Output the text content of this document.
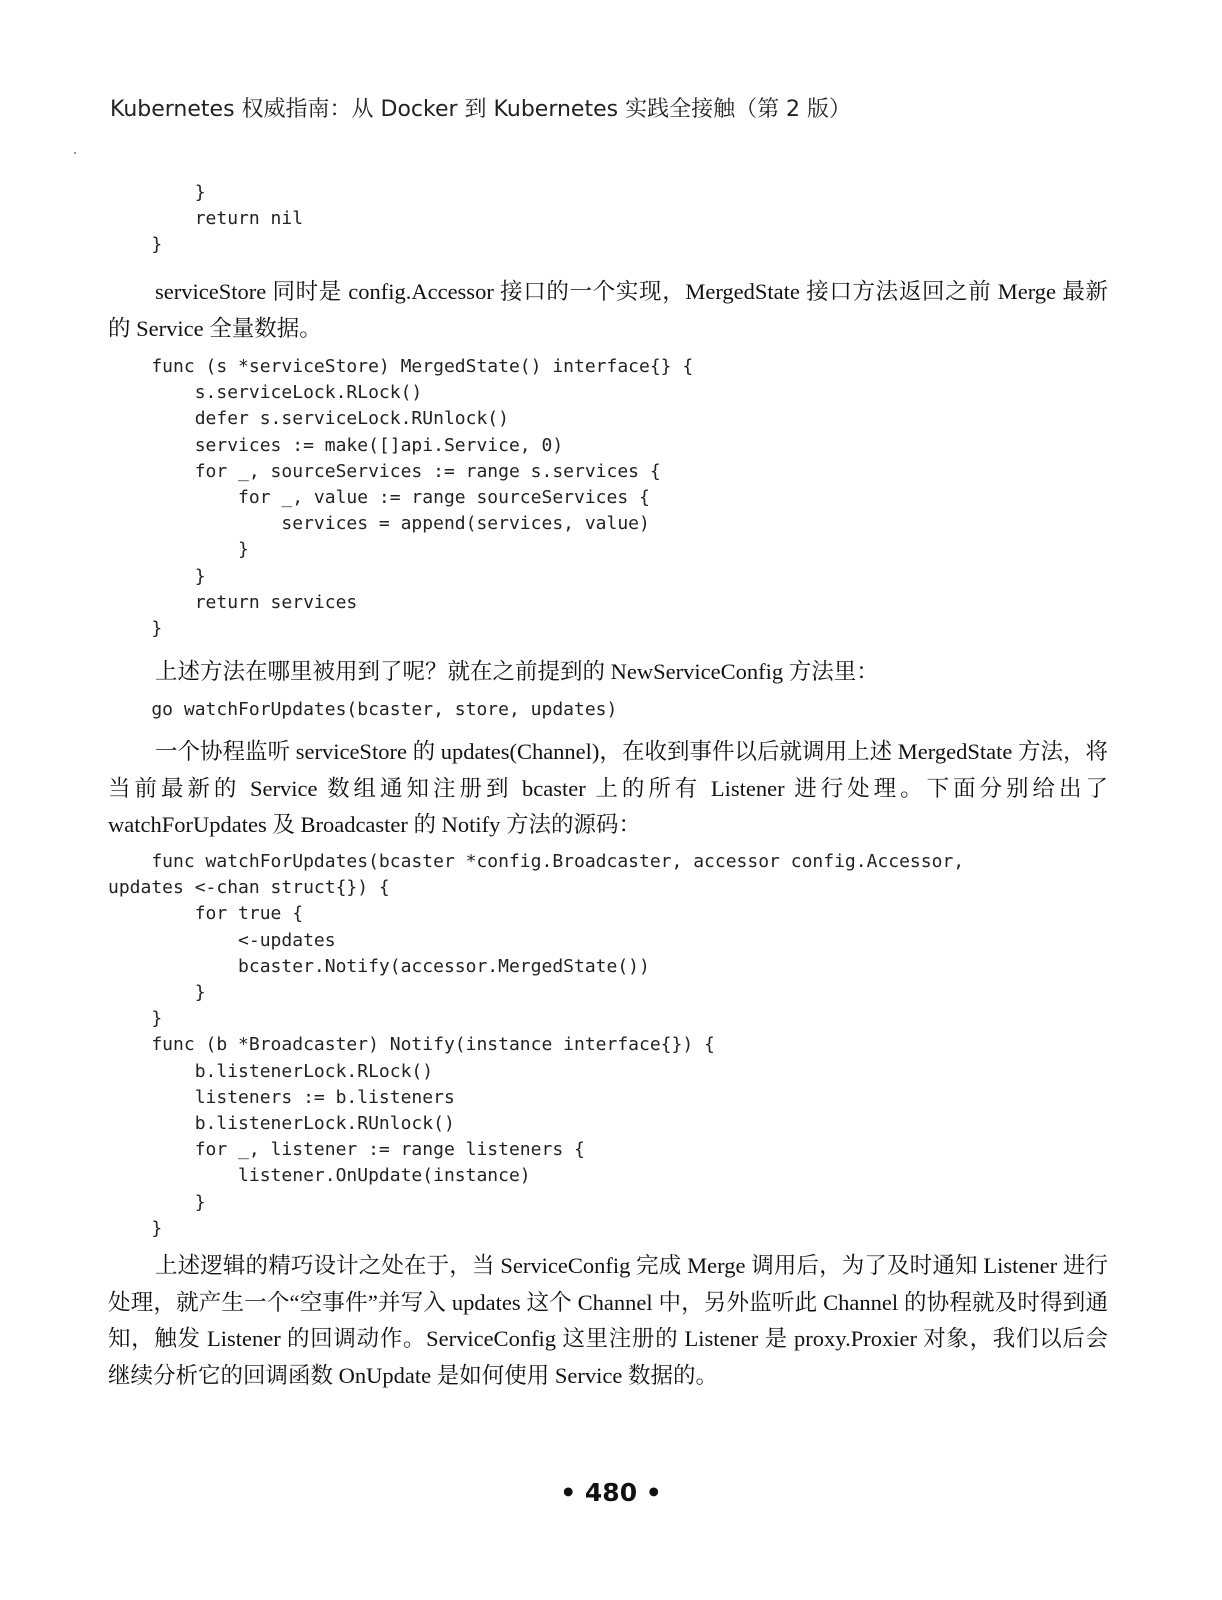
Kubernetes 权威指南：从 Docker 到 Kubernetes 实践全接触（第 2 版）
}
return nil
}

serviceStore 同时是 config.Accessor 接口的一个实现，MergedState 接口方法返回之前 Merge 最新的 Service 全量数据。

func (s *serviceStore) MergedState() interface{} {
s.serviceLock.RLock()
defer s.serviceLock.RUnlock()
services := make([]api.Service, 0)
for _, sourceServices := range s.services {
for _, value := range sourceServices {
services = append(services, value)
}
}
return services
}

上述方法在哪里被用到了呢？就在之前提到的 NewServiceConfig 方法里：

go watchForUpdates(bcaster, store, updates)

一个协程监听 serviceStore 的 updates(Channel)，在收到事件以后就调用上述 MergedState 方法，将当前最新的 Service 数组通知注册到 bcaster 上的所有 Listener 进行处理。下面分别给出了 watchForUpdates 及 Broadcaster 的 Notify 方法的源码：

func watchForUpdates(bcaster *config.Broadcaster, accessor config.Accessor,
updates <-chan struct{}) {
for true {
<-updates
bcaster.Notify(accessor.MergedState())
}
}
func (b *Broadcaster) Notify(instance interface{}) {
b.listenerLock.RLock()
listeners := b.listeners
b.listenerLock.RUnlock()
for _, listener := range listeners {
listener.OnUpdate(instance)
}
}

上述逻辑的精巧设计之处在于，当 ServiceConfig 完成 Merge 调用后，为了及时通知 Listener 进行处理，就产生一个“空事件”并写入 updates 这个 Channel 中，另外监听此 Channel 的协程就及时得到通知，触发 Listener 的回调动作。ServiceConfig 这里注册的 Listener 是 proxy.Proxier 对象，我们以后会继续分析它的回调函数 OnUpdate 是如何使用 Service 数据的。

• 480 •
